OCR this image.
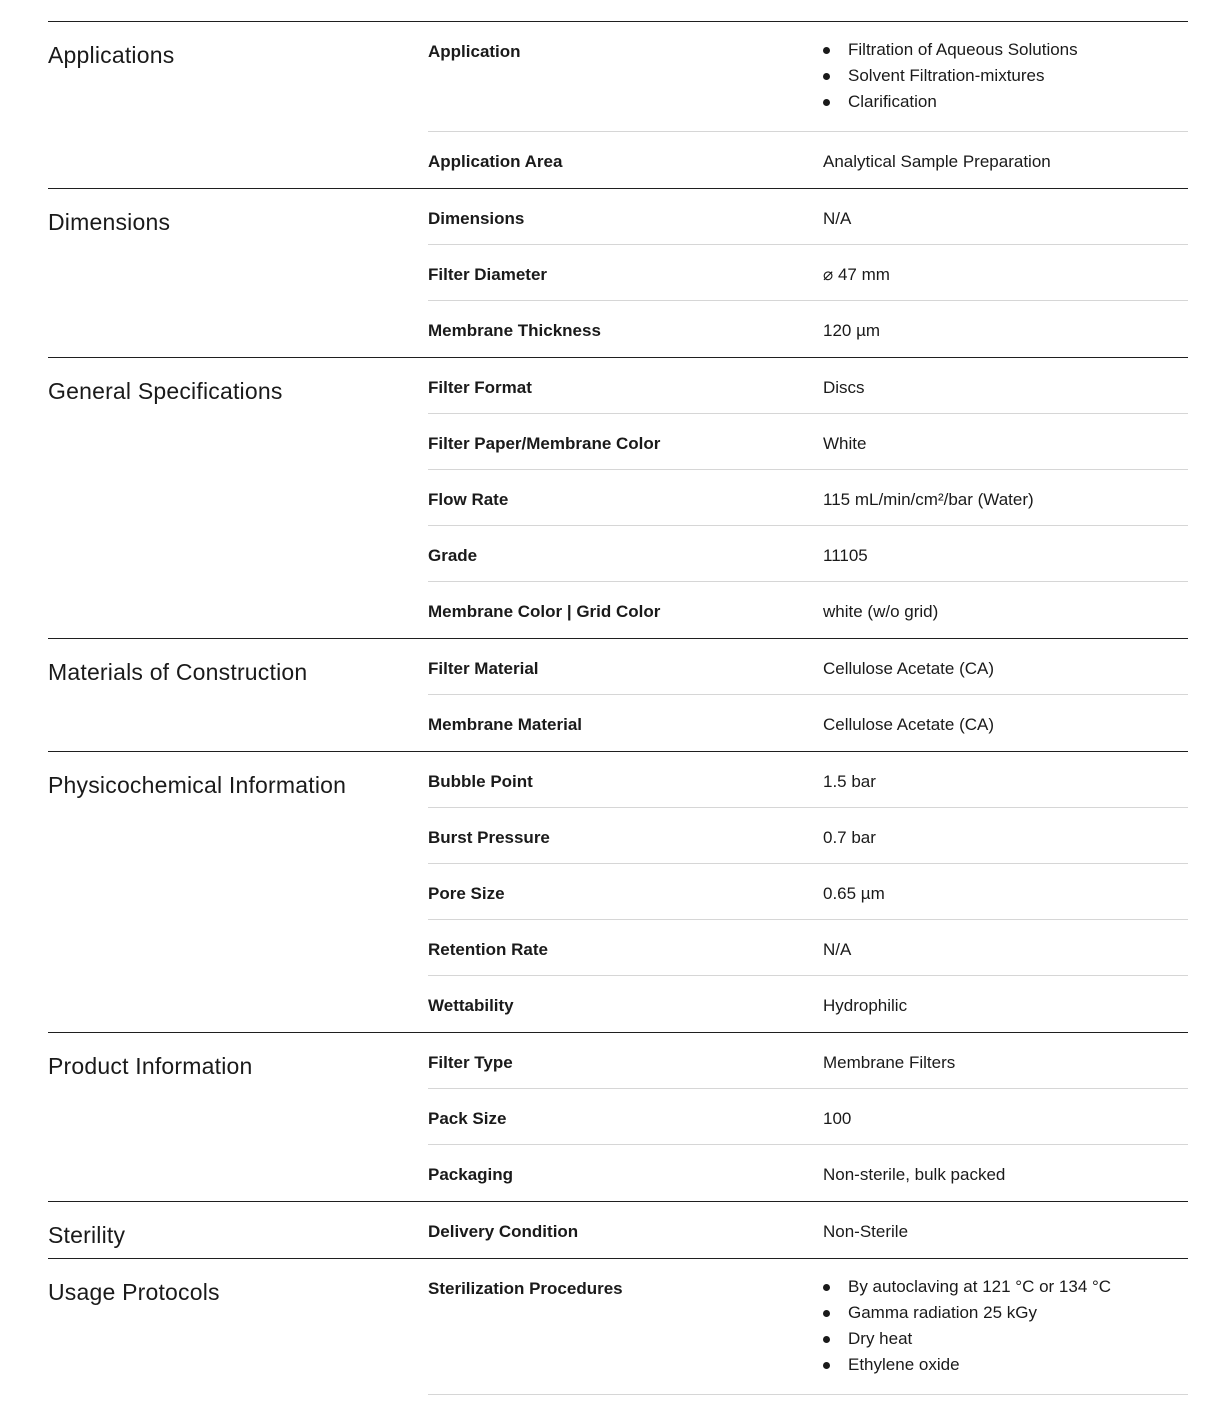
Applications	Application	Filtration of Aqueous Solutions
Solvent Filtration-mixtures
Clarification
Application Area	Analytical Sample Preparation
Dimensions	Dimensions	N/A
Filter Diameter	⌀ 47 mm
Membrane Thickness	120 µm
General Specifications	Filter Format	Discs
Filter Paper/Membrane Color	White
Flow Rate	115 mL/min/cm²/bar (Water)
Grade	11105
Membrane Color | Grid Color	white (w/o grid)
Materials of Construction	Filter Material	Cellulose Acetate (CA)
Membrane Material	Cellulose Acetate (CA)
Physicochemical Information	Bubble Point	1.5 bar
Burst Pressure	0.7 bar
Pore Size	0.65 µm
Retention Rate	N/A
Wettability	Hydrophilic
Product Information	Filter Type	Membrane Filters
Pack Size	100
Packaging	Non-sterile, bulk packed
Sterility	Delivery Condition	Non-Sterile
Usage Protocols	Sterilization Procedures	By autoclaving at 121 °C or 134 °C
Gamma radiation 25 kGy
Dry heat
Ethylene oxide
